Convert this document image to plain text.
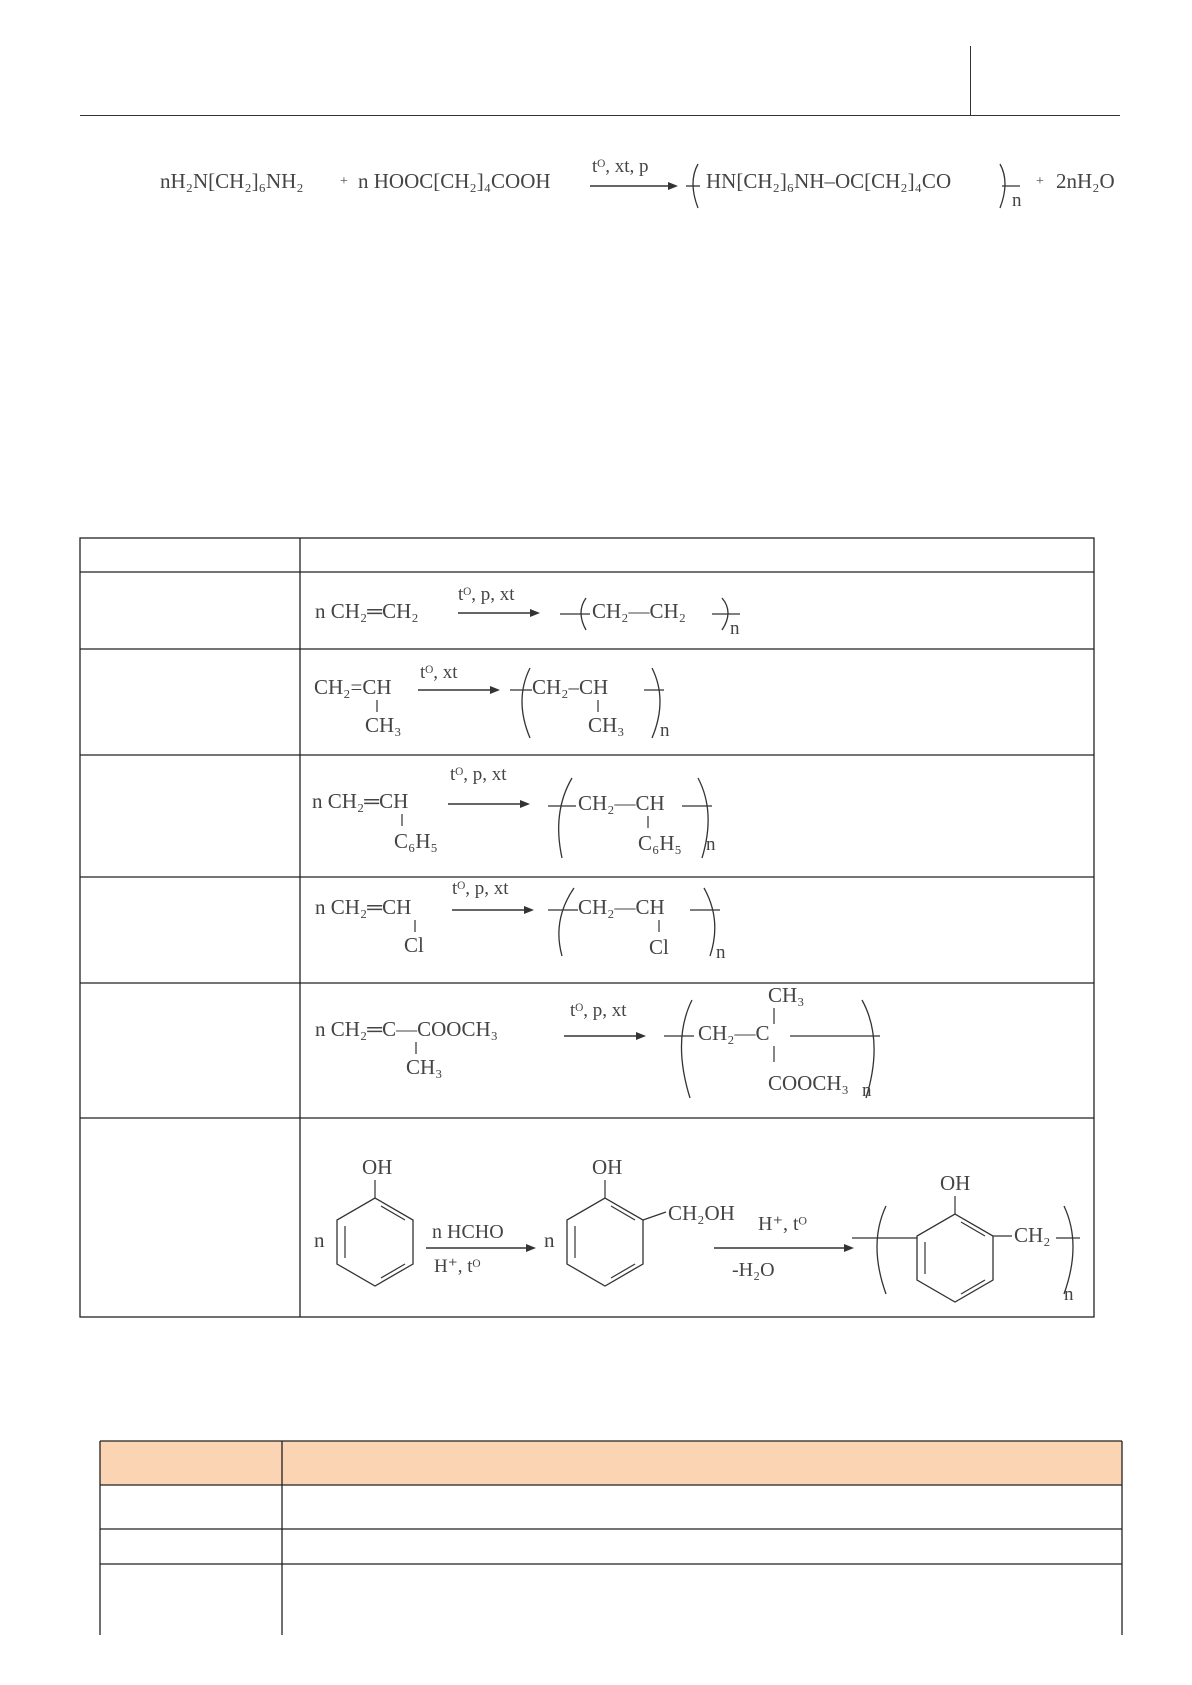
nH₂N[CH₂]₆NH₂	+ n HOOC[CH₂]₄COOH
tᴼ, xt, p
HN[CH₂]₆NH–OC[CH₂]₄CO
n
+ 2nH₂O
n CH₂═CH₂
tᴼ, p, xt
CH₂—CH₂
n
CH₂=CH
CH₃
tᴼ, xt
CH₂–CH
CH₃ n
tᴼ, p, xt
n CH₂═CH
C₆H₅
CH₂—CH
C₆H₅ n
tᴼ, p, xt
n CH₂═CH
Cl
CH₂—CH
Cl n
tᴼ, p, xt
n CH₂═C—COOCH₃
CH₃
CH₃
CH₂—C
COOCH₃ n
n
OH
n HCHO
H⁺, tᴼ
n
OH
CH₂OH H⁺, tᴼ
-H₂O
OH
CH₂
n
